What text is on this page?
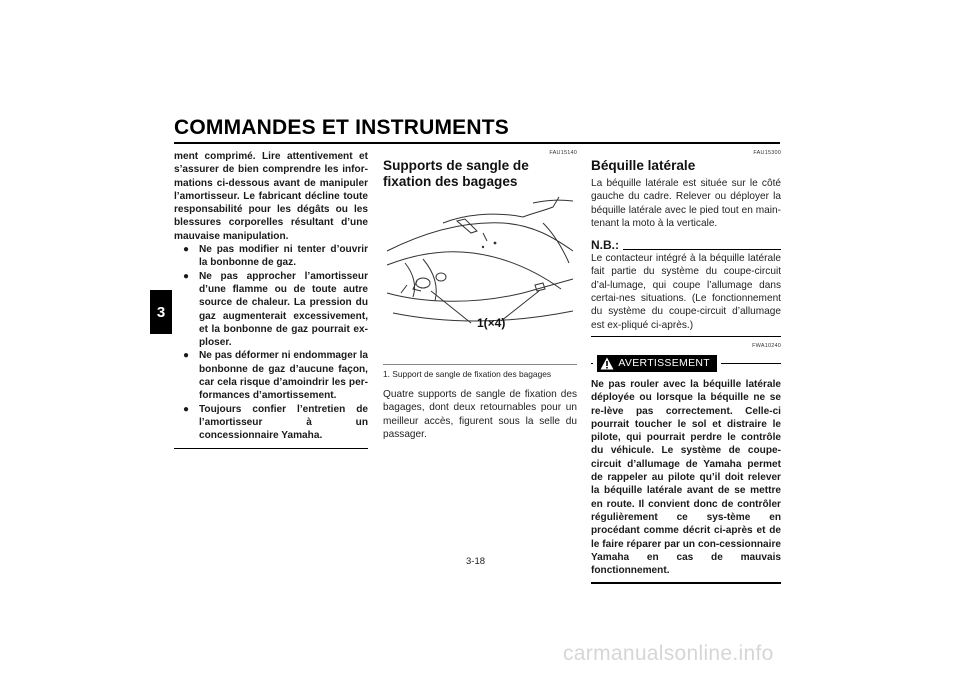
COMMANDES ET INSTRUMENTS
3

ment comprimé. Lire attentivement et s’assurer de bien comprendre les infor-mations ci-dessous avant de manipuler l’amortisseur. Le fabricant décline toute responsabilité pour les dégâts ou les blessures corporelles résultant d’une mauvaise manipulation.

● Ne pas modifier ni tenter d’ouvrir la bonbonne de gaz.
● Ne pas approcher l’amortisseur d’une flamme ou de toute autre source de chaleur. La pression du gaz augmenterait excessivement, et la bonbonne de gaz pourrait ex-ploser.
● Ne pas déformer ni endommager la bonbonne de gaz d’aucune façon, car cela risque d’amoindrir les per-formances d’amortissement.
● Toujours confier l’entretien de l’amortisseur à un concessionnaire Yamaha.

FAU15140

Supports de sangle de fixation des bagages
1(×4)

1. Support de sangle de fixation des bagages

Quatre supports de sangle de fixation des bagages, dont deux retournables pour un meilleur accès, figurent sous la selle du passager.

FAU15300

Béquille latérale

La béquille latérale est située sur le côté gauche du cadre. Relever ou déployer la béquille latérale avec le pied tout en main-tenant la moto à la verticale.

N.B.:

Le contacteur intégré à la béquille latérale fait partie du système du coupe-circuit d’al-lumage, qui coupe l’allumage dans certai-nes situations. (Le fonctionnement du système du coupe-circuit d’allumage est ex-pliqué ci-après.)

FWA10240

AVERTISSEMENT

Ne pas rouler avec la béquille latérale déployée ou lorsque la béquille ne se re-lève pas correctement. Celle-ci pourrait toucher le sol et distraire le pilote, qui pourrait perdre le contrôle du véhicule. Le système de coupe-circuit d’allumage de Yamaha permet de rappeler au pilote qu’il doit relever la béquille latérale avant de se mettre en route. Il convient donc de contrôler régulièrement ce sys-tème en procédant comme décrit ci-après et de le faire réparer par un con-cessionnaire Yamaha en cas de mauvais fonctionnement.

3-18
carmanualsonline.info
